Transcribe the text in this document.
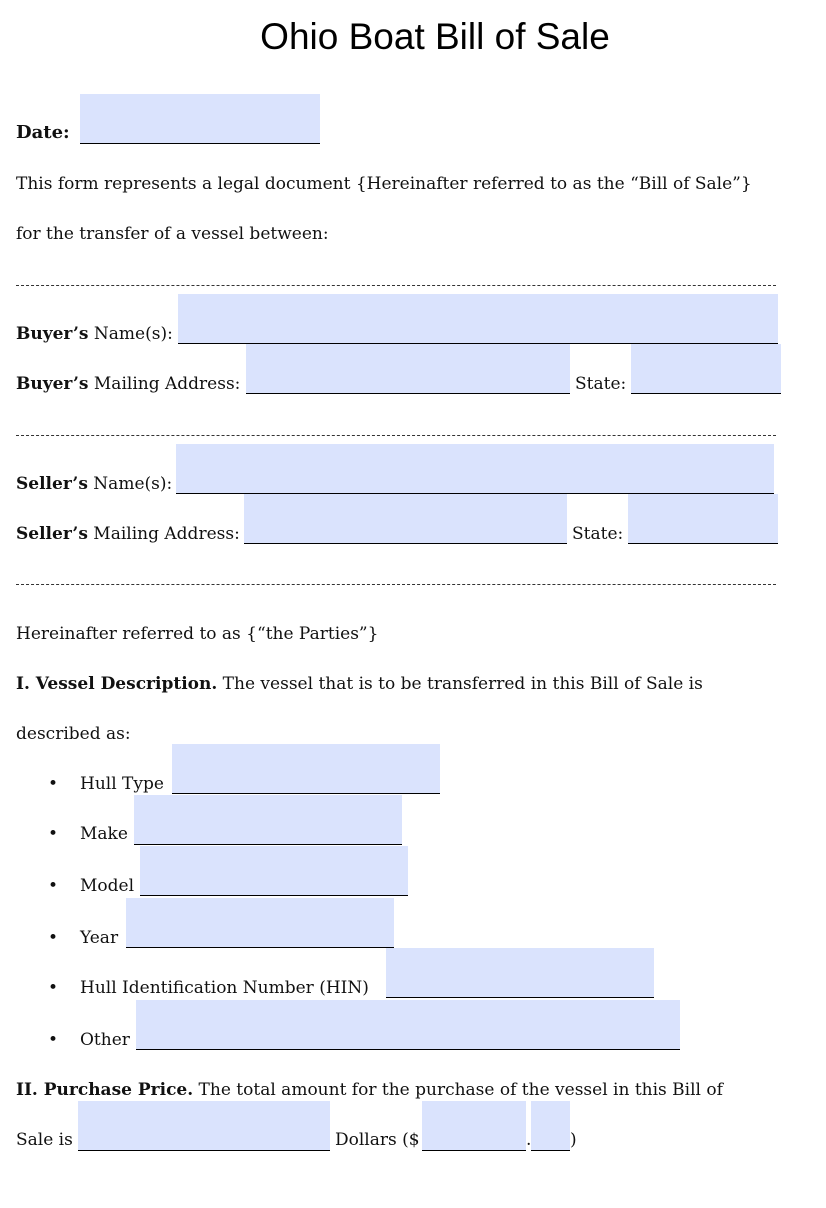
Ohio Boat Bill of Sale
Date:
This form represents a legal document {Hereinafter referred to as the “Bill of Sale”}
for the transfer of a vessel between:
Buyer’s Name(s):
Buyer’s Mailing Address:	State:
Seller’s Name(s):
Seller’s Mailing Address:	State:
Hereinafter referred to as {“the Parties”}
I. Vessel Description. The vessel that is to be transferred in this Bill of Sale is
described as:
• Hull Type
• Make
• Model
• Year
• Hull Identification Number (HIN)
• Other
II. Purchase Price. The total amount for the purchase of the vessel in this Bill of
Sale is	Dollars ($	. )
